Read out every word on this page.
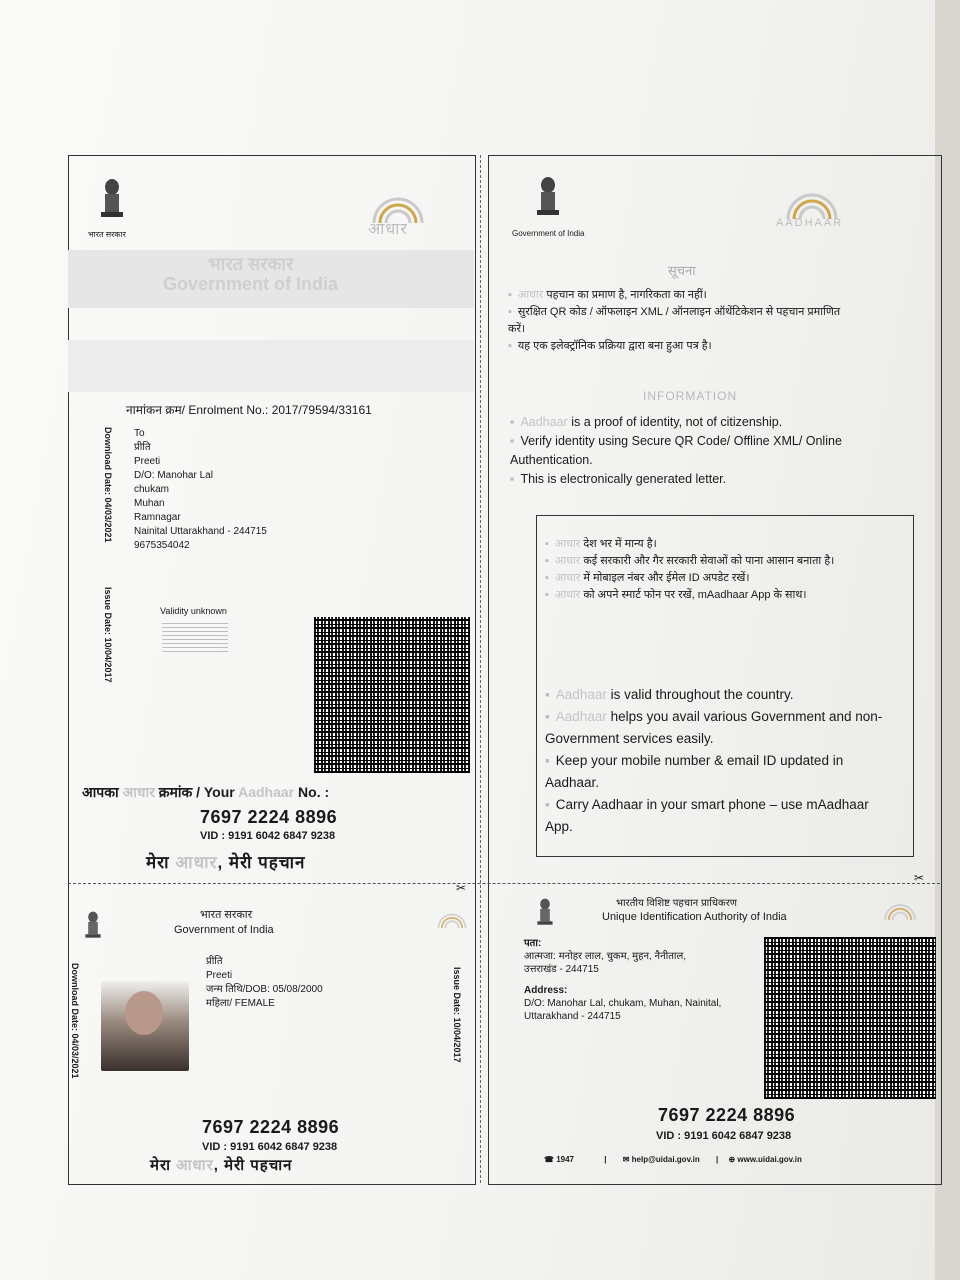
भारत सरकार	आधार
भारत सरकार
Government of India
नामांकन क्रम/ Enrolment No.: 2017/79594/33161
Download Date: 04/03/2021
Issue Date: 10/04/2017
To
प्रीति
Preeti
D/O: Manohar Lal
chukam
Muhan
Ramnagar
Nainital Uttarakhand - 244715
9675354042
Validity unknown
आपका आधार क्रमांक / Your Aadhaar No. :
7697 2224 8896
VID : 9191 6042 6847 9238
मेरा आधार, मेरी पहचान
✂
Government of India
AADHAAR
सूचना
▪ आधार पहचान का प्रमाण है, नागरिकता का नहीं।
▪ सुरक्षित QR कोड / ऑफलाइन XML / ऑनलाइन ऑथेंटिकेशन से पहचान प्रमाणित करें।
▪ यह एक इलेक्ट्रॉनिक प्रक्रिया द्वारा बना हुआ पत्र है।
INFORMATION
▪ Aadhaar is a proof of identity, not of citizenship.
▪ Verify identity using Secure QR Code/ Offline XML/ Online Authentication.
▪ This is electronically generated letter.
▪ आधार देश भर में मान्य है।
▪ आधार कई सरकारी और गैर सरकारी सेवाओं को पाना आसान बनाता है।
▪ आधार में मोबाइल नंबर और ईमेल ID अपडेट रखें।
▪ आधार को अपने स्मार्ट फोन पर रखें, mAadhaar App के साथ।
▪ Aadhaar is valid throughout the country.
▪ Aadhaar helps you avail various Government and non-Government services easily.
▪ Keep your mobile number & email ID updated in Aadhaar.
▪ Carry Aadhaar in your smart phone – use mAadhaar App.
✂
भारत सरकार
Government of India
Download Date: 04/03/2021	Issue Date: 10/04/2017
प्रीति
Preeti
जन्म तिथि/DOB: 05/08/2000
महिला/ FEMALE
7697 2224 8896
VID : 9191 6042 6847 9238
मेरा आधार, मेरी पहचान
भारतीय विशिष्ट पहचान प्राधिकरण
Unique Identification Authority of India
पता:
आत्मजा: मनोहर लाल, चुकम, मुहन, नैनीताल,
उत्तराखंड - 244715
Address:
D/O: Manohar Lal, chukam, Muhan, Nainital,
Uttarakhand - 244715
7697 2224 8896
VID : 9191 6042 6847 9238
☎ 1947	| ✉ help@uidai.gov.in | ⊕ www.uidai.gov.in
